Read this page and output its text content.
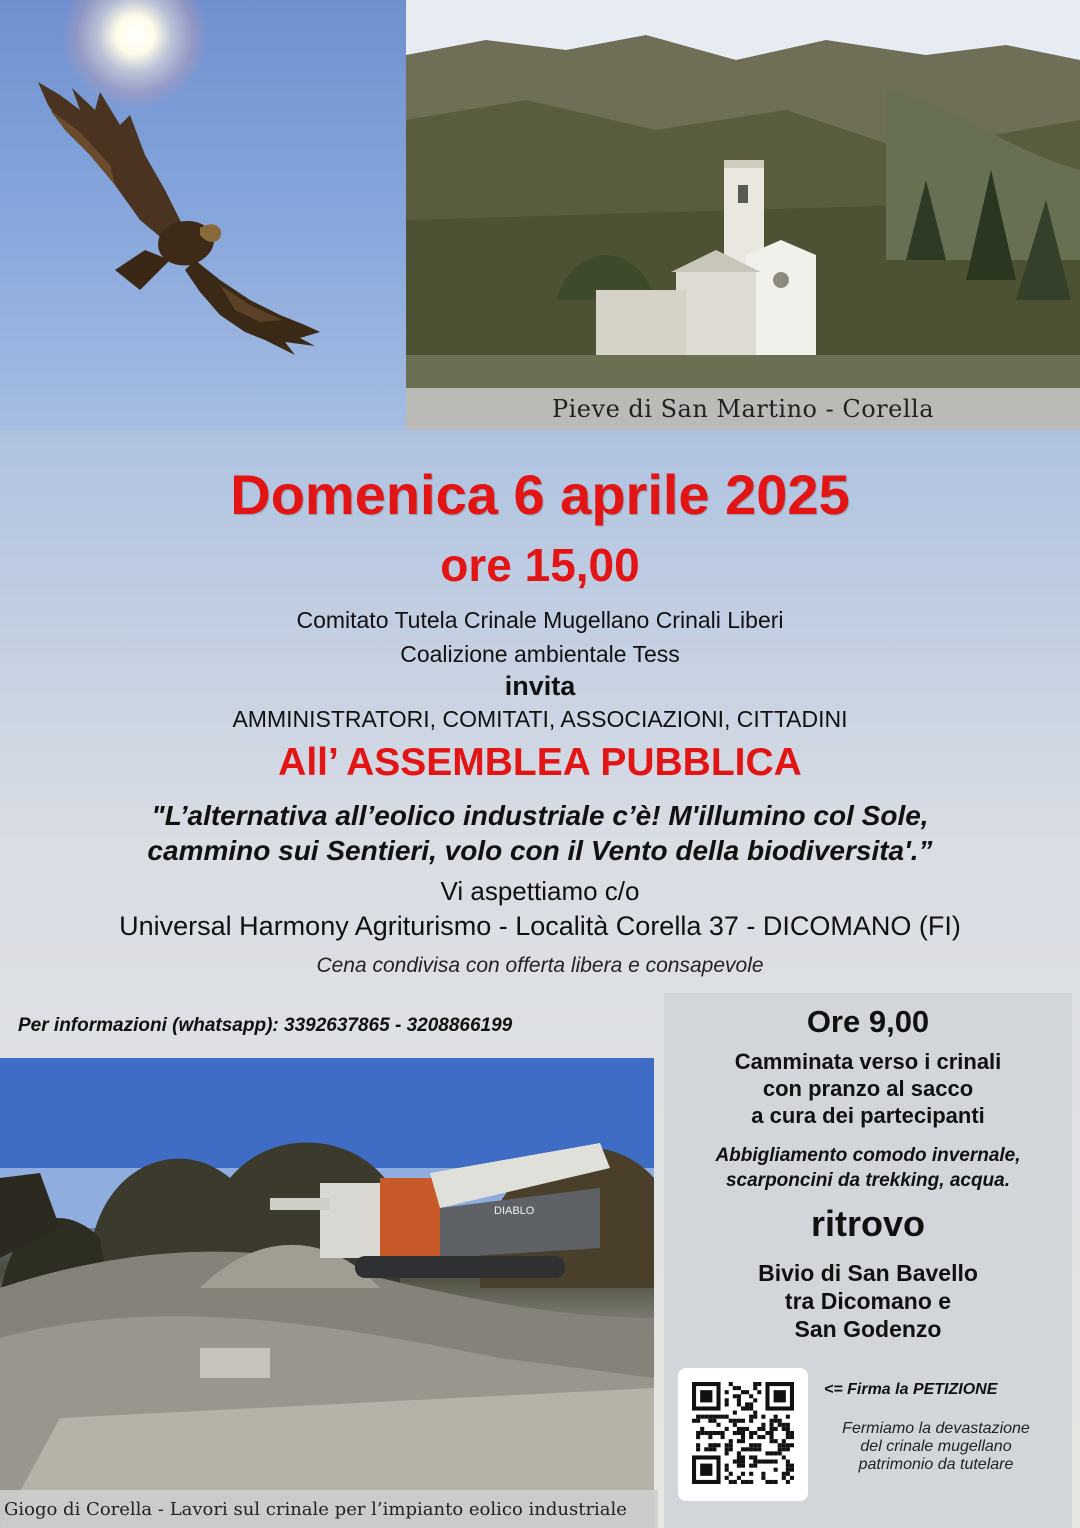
Pieve di San Martino - Corella
Domenica 6 aprile 2025
ore 15,00
Comitato Tutela Crinale Mugellano Crinali Liberi
Coalizione ambientale Tess
invita
AMMINISTRATORI, COMITATI, ASSOCIAZIONI, CITTADINI
All’ ASSEMBLEA PUBBLICA
"L’alternativa all’eolico industriale c’è! M'illumino col Sole,
cammino sui Sentieri, volo con il Vento della biodiversita'.”
Vi aspettiamo c/o
Universal Harmony Agriturismo - Località Corella 37 - DICOMANO (FI)
Cena condivisa con offerta libera e consapevole
Per informazioni (whatsapp): 3392637865 - 3208866199
DIABLO
Giogo di Corella - Lavori sul crinale per l’impianto eolico industriale
Ore 9,00
Camminata verso i crinali
con pranzo al sacco
a cura dei partecipanti
Abbigliamento comodo invernale,
scarponcini da trekking, acqua.
ritrovo
Bivio di San Bavello
tra Dicomano e
San Godenzo
<= Firma la PETIZIONE
Fermiamo la devastazione
del crinale mugellano
patrimonio da tutelare
